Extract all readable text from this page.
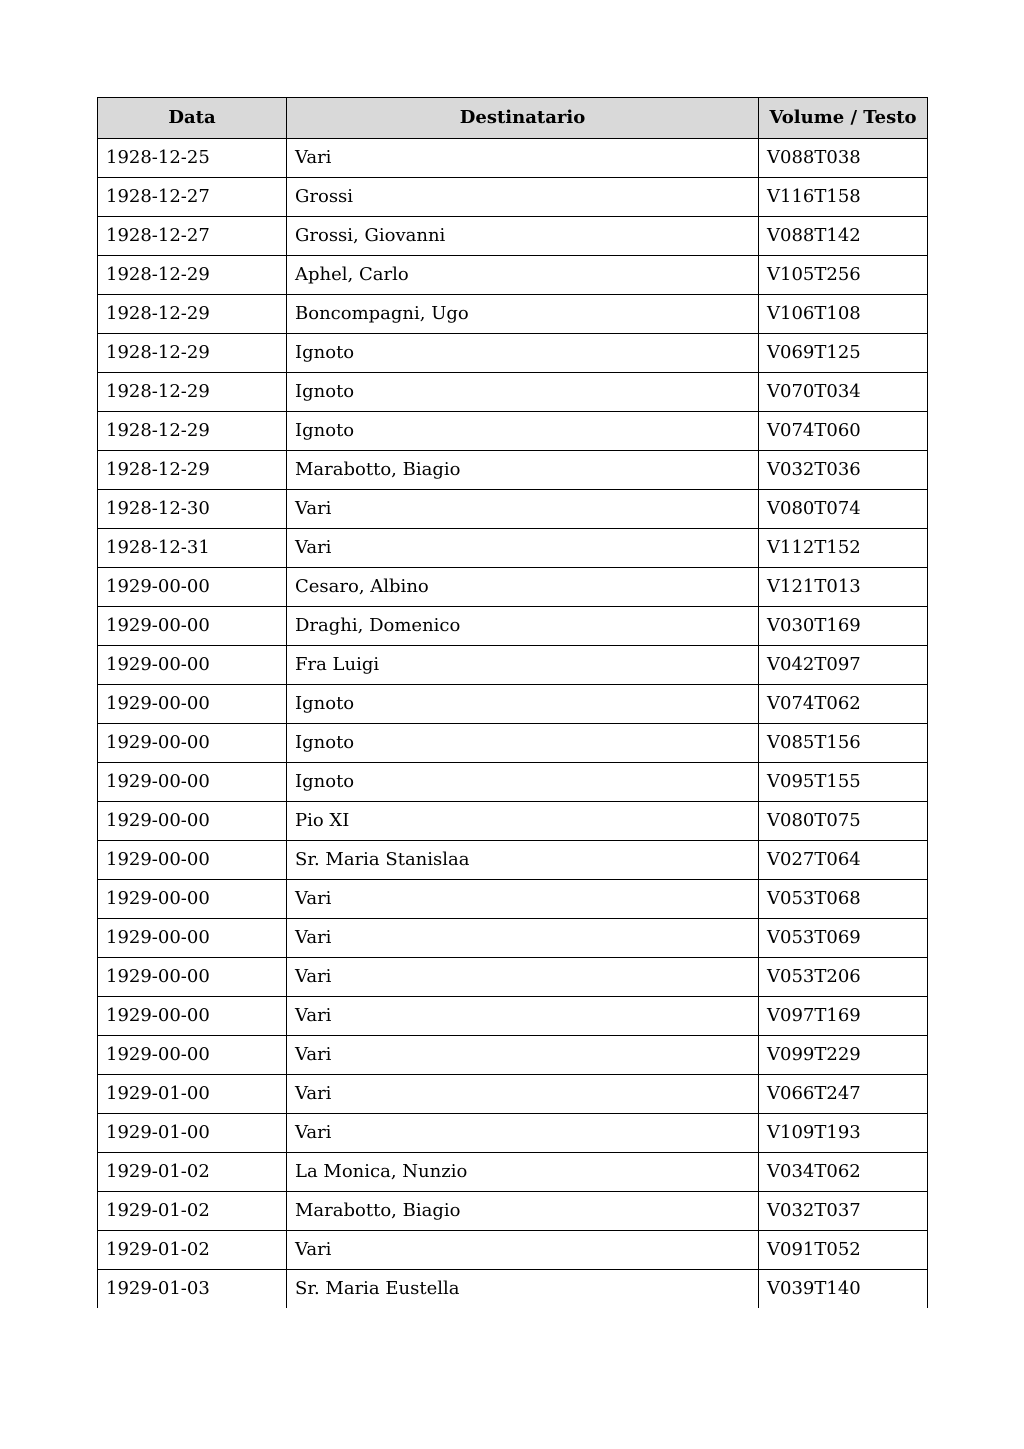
Data	Destinatario	Volume / Testo
1928-12-25	Vari	V088T038
1928-12-27	Grossi	V116T158
1928-12-27	Grossi, Giovanni	V088T142
1928-12-29	Aphel, Carlo	V105T256
1928-12-29	Boncompagni, Ugo	V106T108
1928-12-29	Ignoto	V069T125
1928-12-29	Ignoto	V070T034
1928-12-29	Ignoto	V074T060
1928-12-29	Marabotto, Biagio	V032T036
1928-12-30	Vari	V080T074
1928-12-31	Vari	V112T152
1929-00-00	Cesaro, Albino	V121T013
1929-00-00	Draghi, Domenico	V030T169
1929-00-00	Fra Luigi	V042T097
1929-00-00	Ignoto	V074T062
1929-00-00	Ignoto	V085T156
1929-00-00	Ignoto	V095T155
1929-00-00	Pio XI	V080T075
1929-00-00	Sr. Maria Stanislaa	V027T064
1929-00-00	Vari	V053T068
1929-00-00	Vari	V053T069
1929-00-00	Vari	V053T206
1929-00-00	Vari	V097T169
1929-00-00	Vari	V099T229
1929-01-00	Vari	V066T247
1929-01-00	Vari	V109T193
1929-01-02	La Monica, Nunzio	V034T062
1929-01-02	Marabotto, Biagio	V032T037
1929-01-02	Vari	V091T052
1929-01-03	Sr. Maria Eustella	V039T140
